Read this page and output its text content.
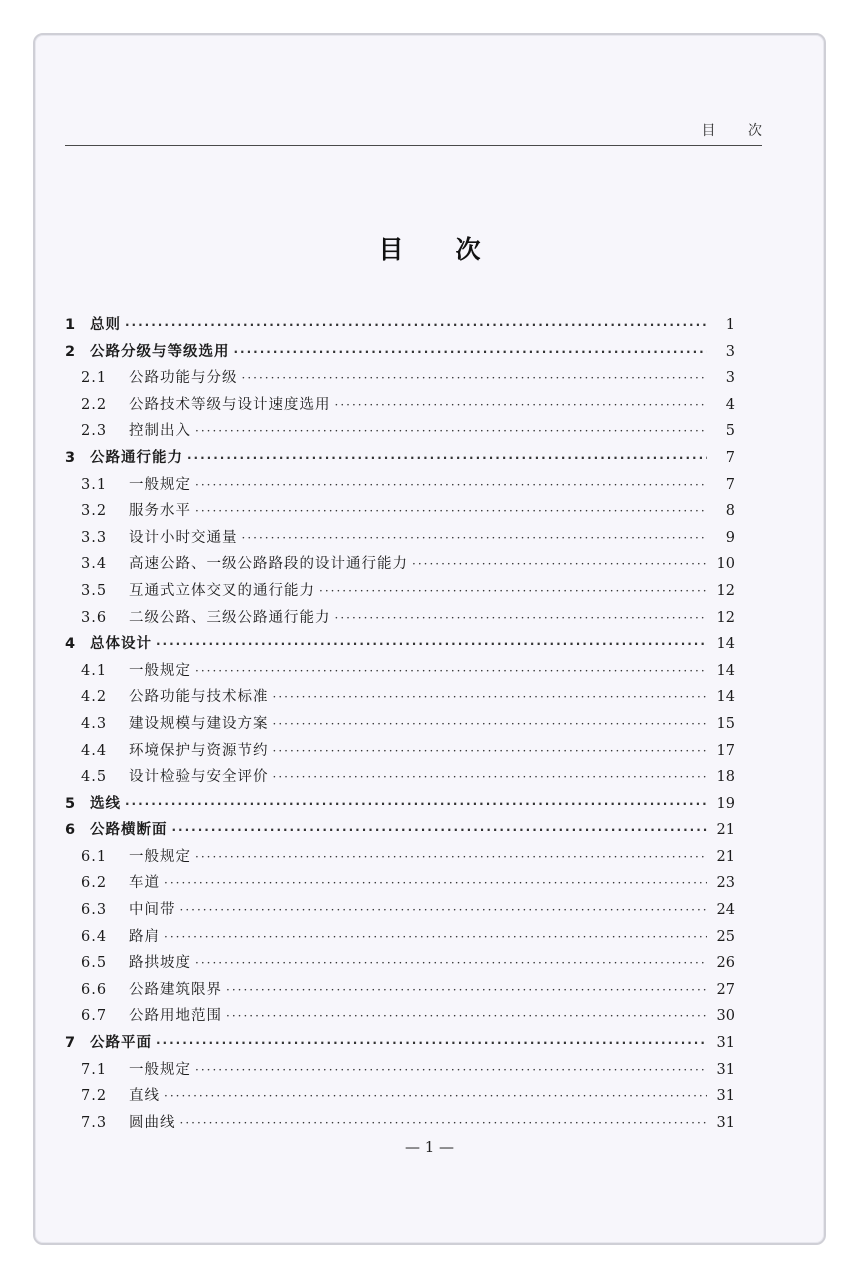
目 次
目次
1	总则 ·····	1
2	公路分级与等级选用 ·····	3
2.1	公路功能与分级 ·····	3
2.2	公路技术等级与设计速度选用 ·····	4
2.3	控制出入 ·····	5
3	公路通行能力 ·····	7
3.1	一般规定 ·····	7
3.2	服务水平 ·····	8
3.3	设计小时交通量 ·····	9
3.4	高速公路、一级公路路段的设计通行能力 ·····	10
3.5	互通式立体交叉的通行能力 ·····	12
3.6	二级公路、三级公路通行能力 ·····	12
4	总体设计 ·····	14
4.1	一般规定 ·····	14
4.2	公路功能与技术标准 ·····	14
4.3	建设规模与建设方案 ·····	15
4.4	环境保护与资源节约 ·····	17
4.5	设计检验与安全评价 ·····	18
5	选线 ·····	19
6	公路横断面 ·····	21
6.1	一般规定 ·····	21
6.2	车道 ·····	23
6.3	中间带 ·····	24
6.4	路肩 ·····	25
6.5	路拱坡度 ·····	26
6.6	公路建筑限界 ·····	27
6.7	公路用地范围 ·····	30
7	公路平面 ·····	31
7.1	一般规定 ·····	31
7.2	直线 ·····	31
7.3	圆曲线 ·····	31
— 1 —
